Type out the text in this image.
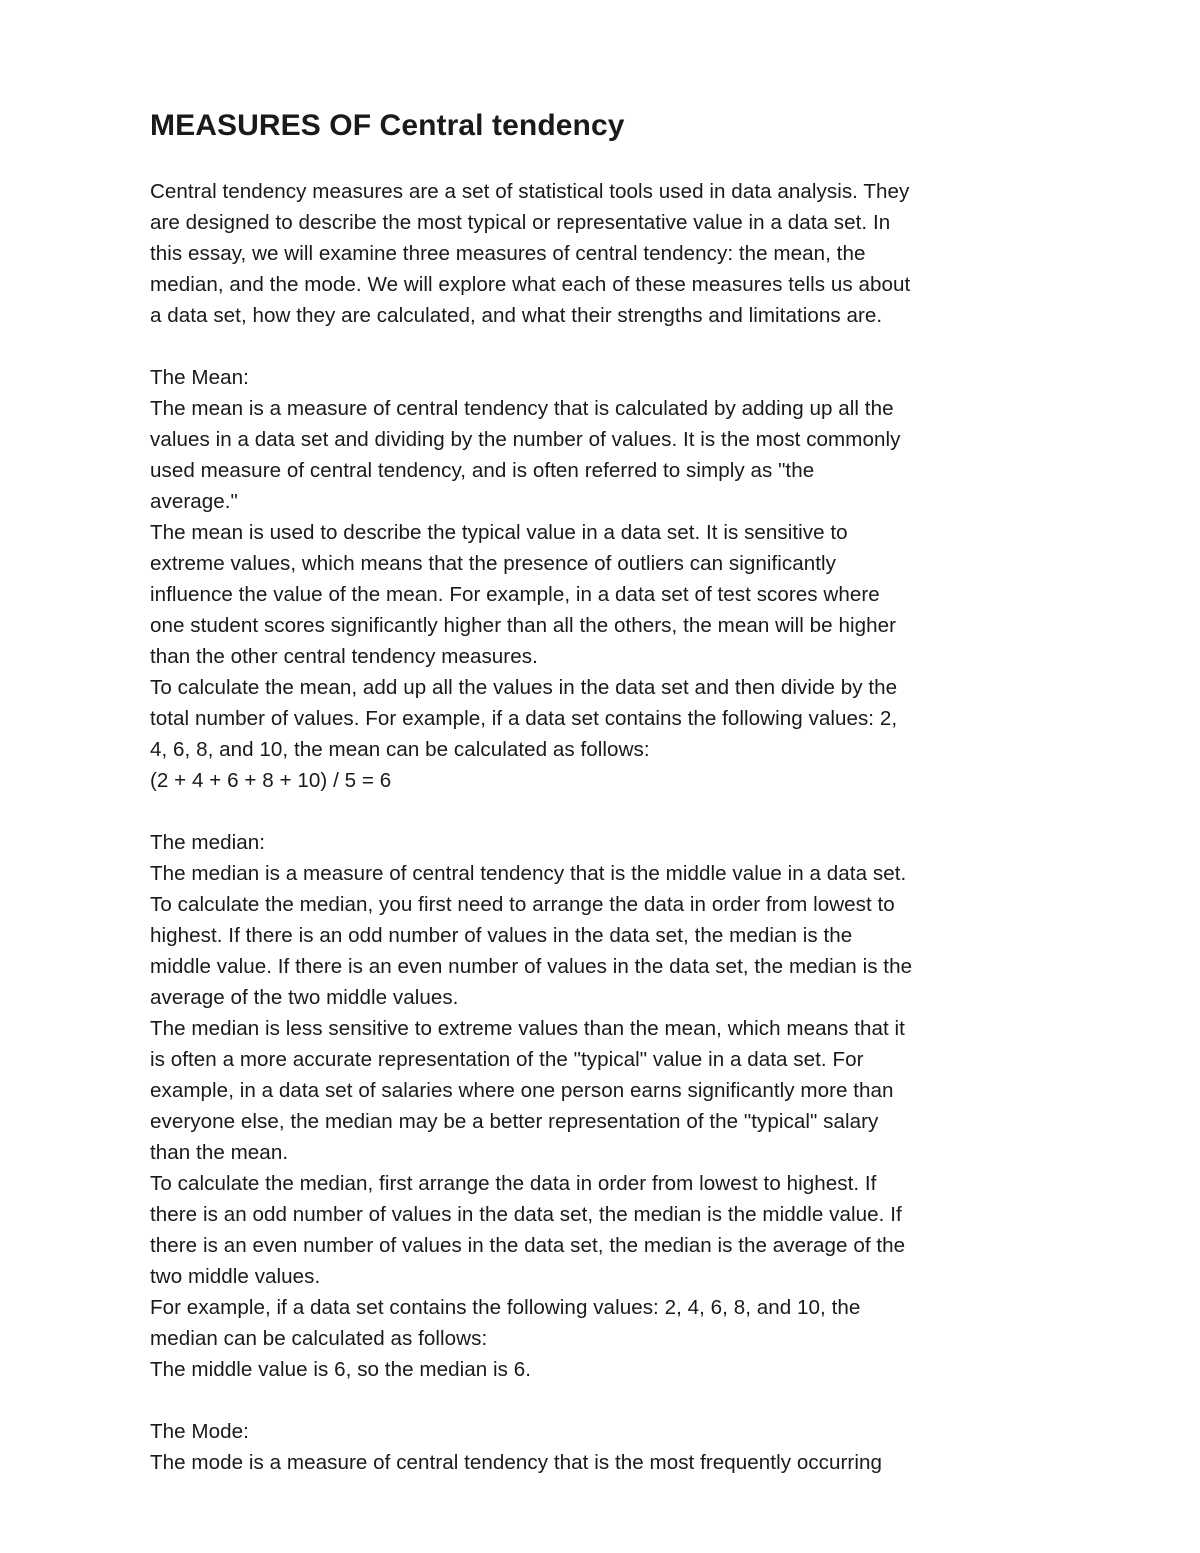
MEASURES OF Central tendency
Central tendency measures are a set of statistical tools used in data analysis. They
are designed to describe the most typical or representative value in a data set. In
this essay, we will examine three measures of central tendency: the mean, the
median, and the mode. We will explore what each of these measures tells us about
a data set, how they are calculated, and what their strengths and limitations are.
The Mean:
The mean is a measure of central tendency that is calculated by adding up all the
values in a data set and dividing by the number of values. It is the most commonly
used measure of central tendency, and is often referred to simply as "the
average."
The mean is used to describe the typical value in a data set. It is sensitive to
extreme values, which means that the presence of outliers can significantly
influence the value of the mean. For example, in a data set of test scores where
one student scores significantly higher than all the others, the mean will be higher
than the other central tendency measures.
To calculate the mean, add up all the values in the data set and then divide by the
total number of values. For example, if a data set contains the following values: 2,
4, 6, 8, and 10, the mean can be calculated as follows:
(2 + 4 + 6 + 8 + 10) / 5 = 6
The median:
The median is a measure of central tendency that is the middle value in a data set.
To calculate the median, you first need to arrange the data in order from lowest to
highest. If there is an odd number of values in the data set, the median is the
middle value. If there is an even number of values in the data set, the median is the
average of the two middle values.
The median is less sensitive to extreme values than the mean, which means that it
is often a more accurate representation of the "typical" value in a data set. For
example, in a data set of salaries where one person earns significantly more than
everyone else, the median may be a better representation of the "typical" salary
than the mean.
To calculate the median, first arrange the data in order from lowest to highest. If
there is an odd number of values in the data set, the median is the middle value. If
there is an even number of values in the data set, the median is the average of the
two middle values.
For example, if a data set contains the following values: 2, 4, 6, 8, and 10, the
median can be calculated as follows:
The middle value is 6, so the median is 6.
The Mode:
The mode is a measure of central tendency that is the most frequently occurring
